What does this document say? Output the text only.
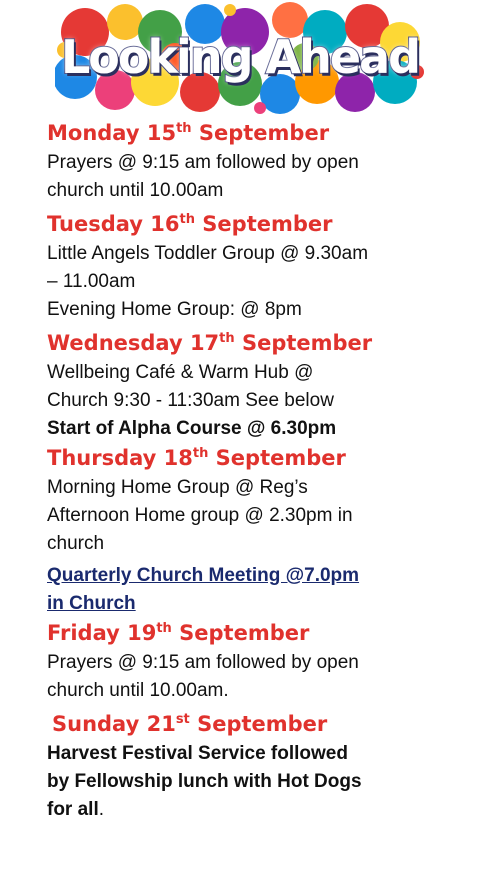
Looking Ahead

Monday 15th September

Prayers @ 9:15 am followed by open

church until 10.00am

Tuesday 16th September

Little Angels Toddler Group @ 9.30am

– 11.00am

Evening Home Group: @ 8pm

Wednesday 17th September

Wellbeing Café & Warm Hub @

Church 9:30 - 11:30am See below

Start of Alpha Course @ 6.30pm

Thursday 18th September

Morning Home Group @ Reg’s

Afternoon Home group @ 2.30pm in

church

Quarterly Church Meeting @7.0pm

in Church

Friday 19th September

Prayers @ 9:15 am followed by open

church until 10.00am.

Sunday 21st September

Harvest Festival Service followed

by Fellowship lunch with Hot Dogs

for all.
